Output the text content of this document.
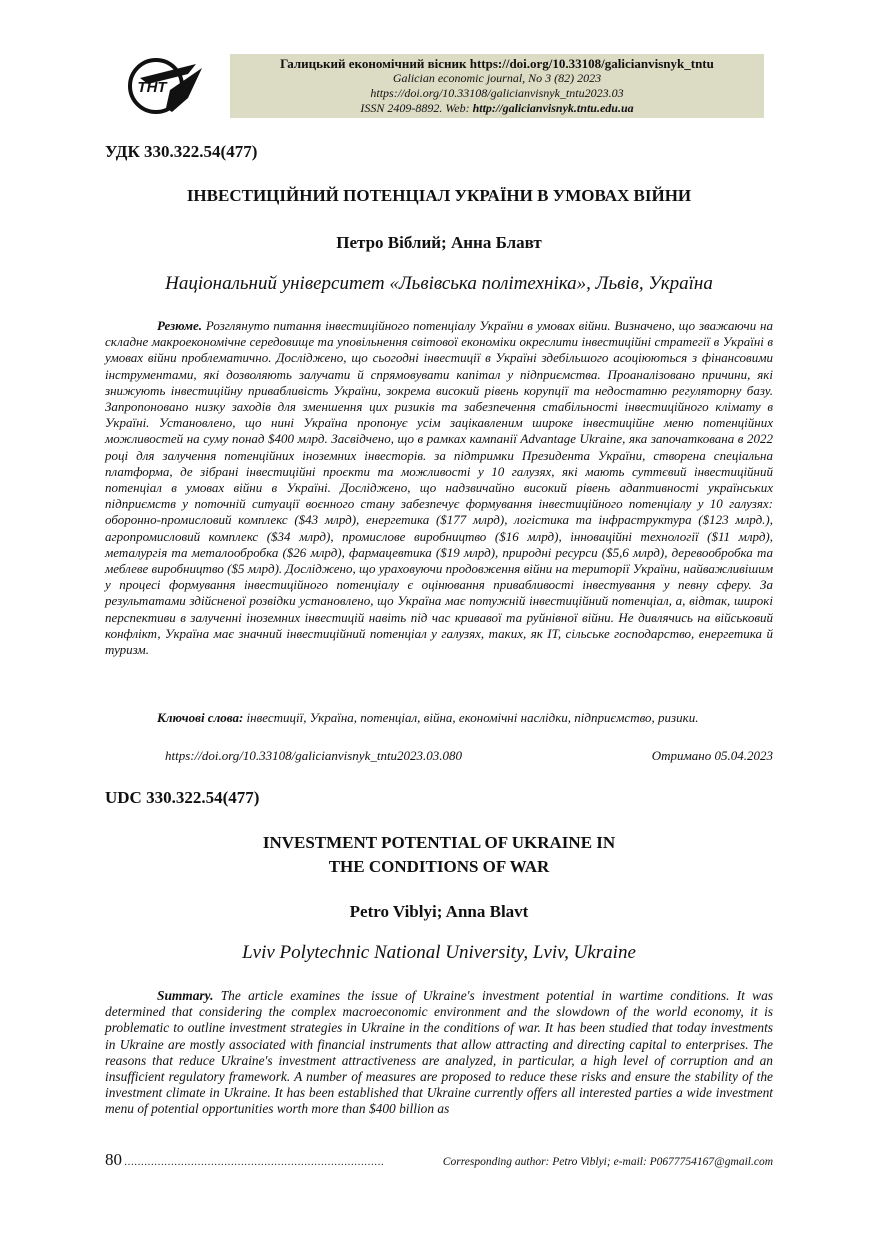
ТНТ
Галицький економічний вісник https://doi.org/10.33108/galicianvisnyk_tntu
Galician economic journal, No 3 (82) 2023
https://doi.org/10.33108/galicianvisnyk_tntu2023.03
ISSN 2409-8892. Web: http://galicianvisnyk.tntu.edu.ua
УДК 330.322.54(477)
ІНВЕСТИЦІЙНИЙ ПОТЕНЦІАЛ УКРАЇНИ В УМОВАХ ВІЙНИ
Петро Віблий; Анна Блавт
Національний університет «Львівська політехніка», Львів, Україна
Резюме. Розглянуто питання інвестиційного потенціалу України в умовах війни. Визначено, що зважаючи на складне макроекономічне середовище та уповільнення світової економіки окреслити інвестиційні стратегії в Україні в умовах війни проблематично. Досліджено, що сьогодні інвестиції в Україні здебільшого асоціюються з фінансовими інструментами, які дозволяють залучати й спрямовувати капітал у підприємства. Проаналізовано причини, які знижують інвестиційну привабливість України, зокрема високий рівень корупції та недостатню регуляторну базу. Запропоновано низку заходів для зменшення цих ризиків та забезпечення стабільності інвестиційного клімату в Україні. Установлено, що нині Україна пропонує усім зацікавленим широке інвестиційне меню потенційних можливостей на суму понад $400 млрд. Засвідчено, що в рамках кампанії Advantage Ukraine, яка започаткована в 2022 році для залучення потенційних іноземних інвесторів. за підтримки Президента України, створена спеціальна платформа, де зібрані інвестиційні проєкти та можливості у 10 галузях, які мають суттєвий інвестиційний потенціал в умовах війни в Україні. Досліджено, що надзвичайно високий рівень адаптивності українських підприємств у поточній ситуації воєнного стану забезпечує формування інвестиційного потенціалу у 10 галузях: оборонно-промисловий комплекс ($43 млрд), енергетика ($177 млрд), логістика та інфраструктура ($123 млрд.), агропромисловий комплекс ($34 млрд), промислове виробництво ($16 млрд), інноваційні технології ($11 млрд), металургія та металообробка ($26 млрд), фармацевтика ($19 млрд), природні ресурси ($5,6 млрд), деревообробка та меблеве виробництво ($5 млрд). Досліджено, що ураховуючи продовження війни на території України, найважливішим у процесі формування інвестиційного потенціалу є оцінювання привабливості інвестування у певну сферу. За результатами здійсненої розвідки установлено, що Україна має потужній інвестиційний потенціал, а, відтак, широкі перспективи в залученні іноземних інвестицій навіть під час кривавої та руйнівної війни. Не дивлячись на військовий конфлікт, Україна має значний інвестиційний потенціал у галузях, таких, як IT, сільське господарство, енергетика й туризм.
Ключові слова: інвестиції, Україна, потенціал, війна, економічні наслідки, підприємство, ризики.
https://doi.org/10.33108/galicianvisnyk_tntu2023.03.080	Отримано 05.04.2023
UDC 330.322.54(477)
INVESTMENT POTENTIAL OF UKRAINE IN
THE CONDITIONS OF WAR
Petro Viblyi; Anna Blavt
Lviv Polytechnic National University, Lviv, Ukraine
Summary. The article examines the issue of Ukraine's investment potential in wartime conditions. It was determined that considering the complex macroeconomic environment and the slowdown of the world economy, it is problematic to outline investment strategies in Ukraine in the conditions of war. It has been studied that today investments in Ukraine are mostly associated with financial instruments that allow attracting and directing capital to enterprises. The reasons that reduce Ukraine's investment attractiveness are analyzed, in particular, a high level of corruption and an insufficient regulatory framework. A number of measures are proposed to reduce these risks and ensure the stability of the investment climate in Ukraine. It has been established that Ukraine currently offers all interested parties a wide investment menu of potential opportunities worth more than $400 billion as
80 ……………………………………………………………………	Corresponding author: Petro Viblyi; e-mail: P0677754167@gmail.com
